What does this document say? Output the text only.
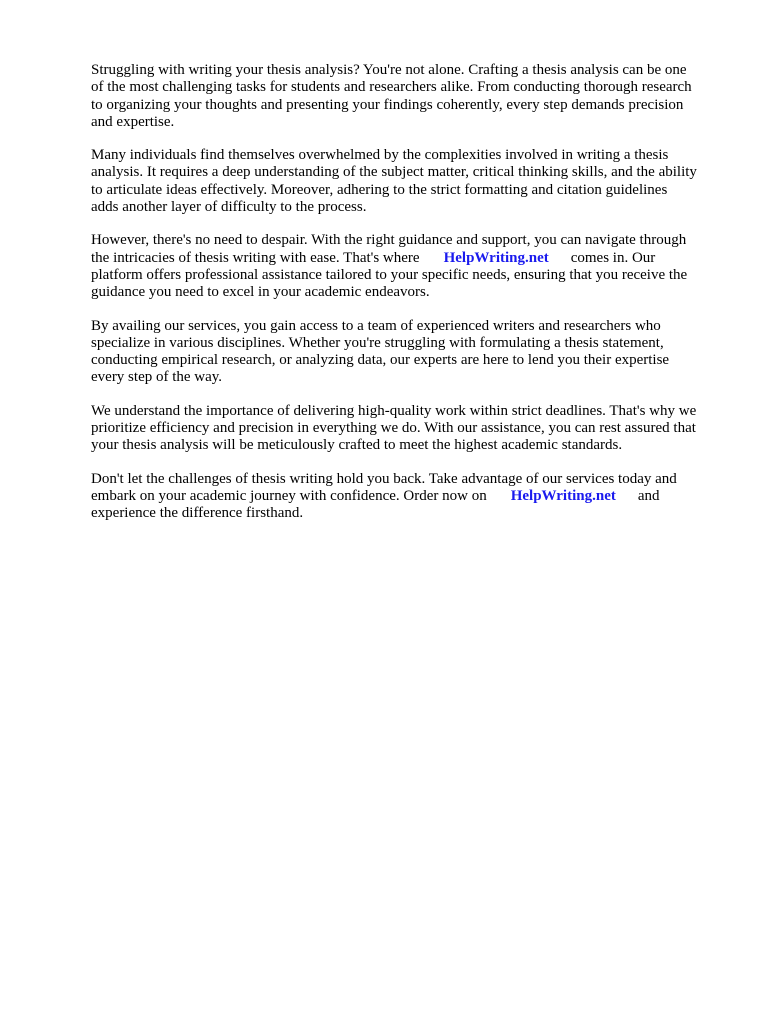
Struggling with writing your thesis analysis? You're not alone. Crafting a thesis analysis can be one
of the most challenging tasks for students and researchers alike. From conducting thorough research
to organizing your thoughts and presenting your findings coherently, every step demands precision
and expertise.

Many individuals find themselves overwhelmed by the complexities involved in writing a thesis
analysis. It requires a deep understanding of the subject matter, critical thinking skills, and the ability
to articulate ideas effectively. Moreover, adhering to the strict formatting and citation guidelines
adds another layer of difficulty to the process.

However, there's no need to despair. With the right guidance and support, you can navigate through
the intricacies of thesis writing with ease. That's where HelpWriting.net comes in. Our
platform offers professional assistance tailored to your specific needs, ensuring that you receive the
guidance you need to excel in your academic endeavors.

By availing our services, you gain access to a team of experienced writers and researchers who
specialize in various disciplines. Whether you're struggling with formulating a thesis statement,
conducting empirical research, or analyzing data, our experts are here to lend you their expertise
every step of the way.

We understand the importance of delivering high-quality work within strict deadlines. That's why we
prioritize efficiency and precision in everything we do. With our assistance, you can rest assured that
your thesis analysis will be meticulously crafted to meet the highest academic standards.

Don't let the challenges of thesis writing hold you back. Take advantage of our services today and
embark on your academic journey with confidence. Order now on HelpWriting.net and
experience the difference firsthand.
